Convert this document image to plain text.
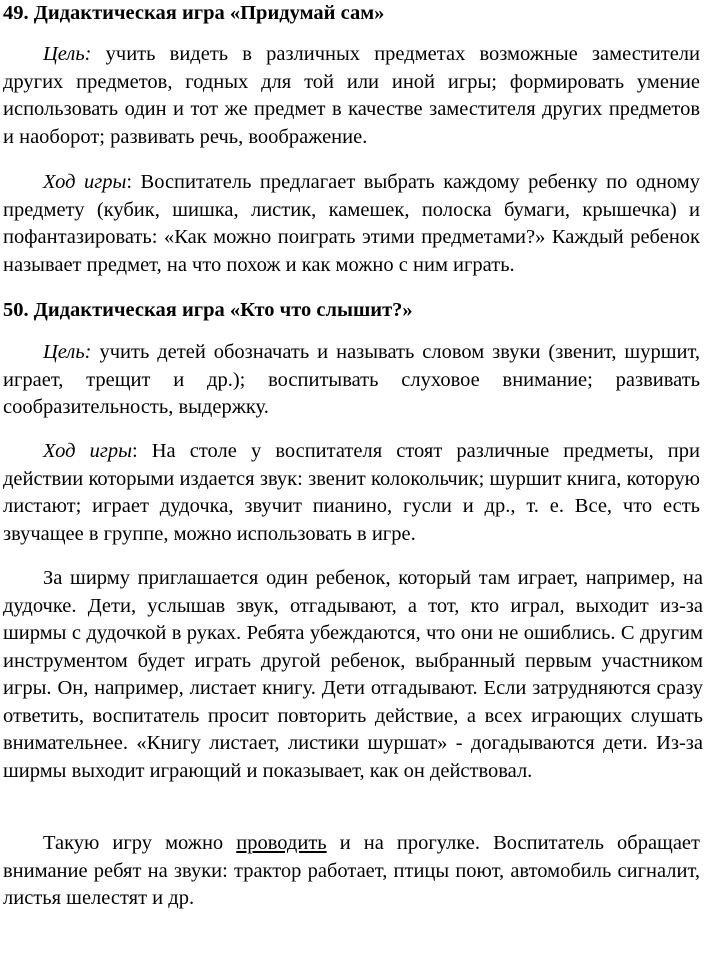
49. Дидактическая игра «Придумай сам»

Цель: учить видеть в различных предметах возможные заместители других предметов, годных для той или иной игры; формировать умение использовать один и тот же предмет в качестве заместителя других предметов и наоборот; развивать речь, воображение.

Ход игры: Воспитатель предлагает выбрать каждому ребенку по одному предмету (кубик, шишка, листик, камешек, полоска бумаги, крышечка) и пофантазировать: «Как можно поиграть этими предметами?» Каждый ребенок называет предмет, на что похож и как можно с ним играть.

50. Дидактическая игра «Кто что слышит?»

Цель: учить детей обозначать и называть словом звуки (звенит, шуршит, играет, трещит и др.); воспитывать слуховое внимание; развивать сообразительность, выдержку.

Ход игры: На столе у воспитателя стоят различные предметы, при действии которыми издается звук: звенит колокольчик; шуршит книга, которую листают; играет дудочка, звучит пианино, гусли и др., т. е. Все, что есть звучащее в группе, можно использовать в игре.

За ширму приглашается один ребенок, который там играет, например, на дудочке. Дети, услышав звук, отгадывают, а тот, кто играл, выходит из-за ширмы с дудочкой в руках. Ребята убеждаются, что они не ошиблись. С другим инструментом будет играть другой ребенок, выбранный первым участником игры. Он, например, листает книгу. Дети отгадывают. Если затрудняются сразу ответить, воспитатель просит повторить действие, а всех играющих слушать внимательнее. «Книгу листает, листики шуршат» - догадываются дети. Из-за ширмы выходит играющий и показывает, как он действовал.

Такую игру можно проводить и на прогулке. Воспитатель обращает внимание ребят на звуки: трактор работает, птицы поют, автомобиль сигналит, листья шелестят и др.
